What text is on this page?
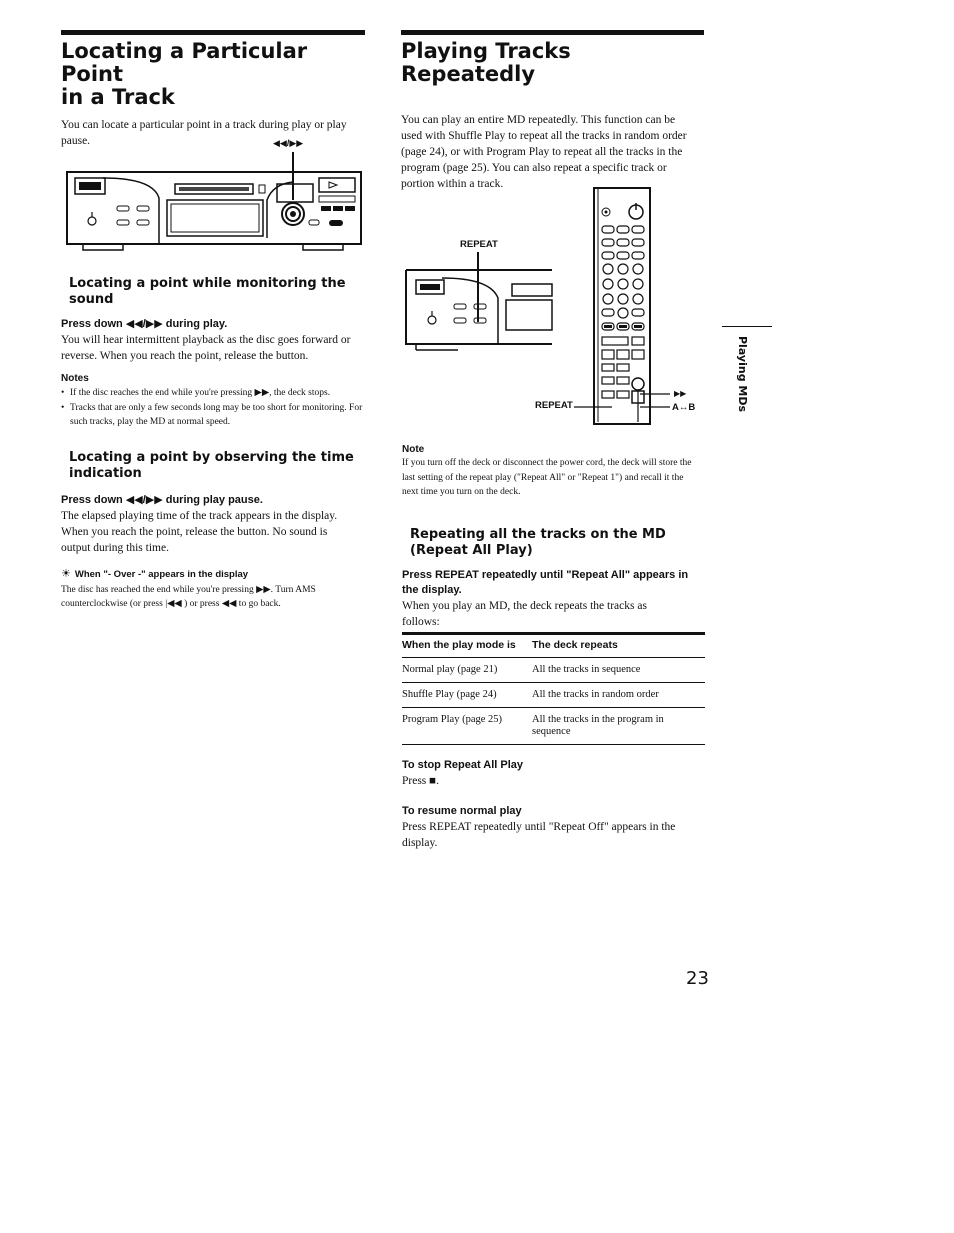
Locating a Particular Point
in a Track

You can locate a particular point in a track during play or play pause.	◀◀/▶▶
Locating a point while monitoring the
sound
Press down ◀◀/▶▶ during play.

You will hear intermittent playback as the disc goes forward or reverse. When you reach the point, release the button.

Notes
• If the disc reaches the end while you're pressing ▶▶, the deck stops.
• Tracks that are only a few seconds long may be too short for monitoring. For such tracks, play the MD at normal speed.
Locating a point by observing the time
indication
Press down ◀◀/▶▶ during play pause.

The elapsed playing time of the track appears in the display. When you reach the point, release the button. No sound is output during this time.

☀ When "- Over -" appears in the display

The disc has reached the end while you're pressing ▶▶. Turn AMS counterclockwise (or press |◀◀ ) or press ◀◀ to go back.

Playing Tracks Repeatedly

You can play an entire MD repeatedly. This function can be used with Shuffle Play to repeat all the tracks in random order (page 24), or with Program Play to repeat all the tracks in the program (page 25). You can also repeat a specific track or portion within a track.

REPEAT
REPEAT
▶▶
A↔B
Note

If you turn off the deck or disconnect the power cord, the deck will store the last setting of the repeat play ("Repeat All" or "Repeat 1") and recall it the next time you turn on the deck.

Repeating all the tracks on the MD
(Repeat All Play)
Press REPEAT repeatedly until "Repeat All" appears in the display.

When you play an MD, the deck repeats the tracks as follows:

When the play mode is	The deck repeats
Normal play (page 21)	All the tracks in sequence
Shuffle Play (page 24)	All the tracks in random order
Program Play (page 25)	All the tracks in the program in sequence
To stop Repeat All Play

Press ■.

To resume normal play

Press REPEAT repeatedly until "Repeat Off" appears in the display.

Playing MDs
23
